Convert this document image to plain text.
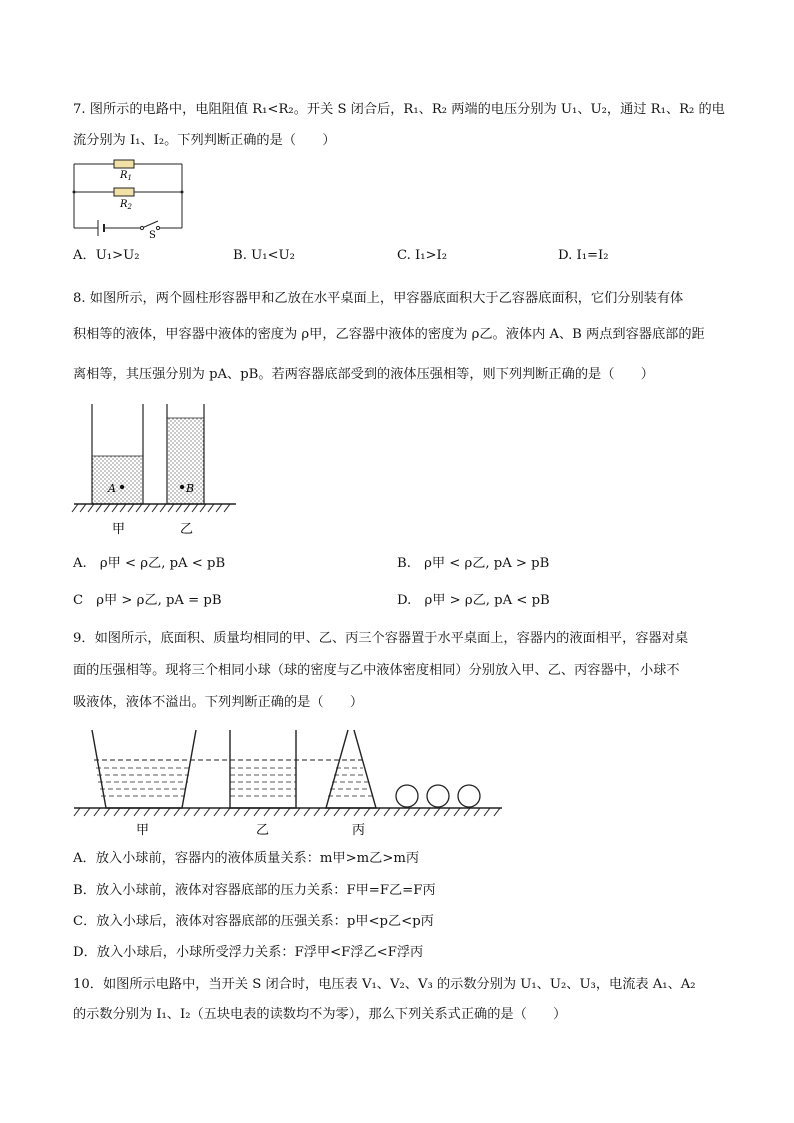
7. 图所示的电路中，电阻阻值 R₁<R₂。开关 S 闭合后，R₁、R₂ 两端的电压分别为 U₁、U₂，通过 R₁、R₂ 的电
流分别为 I₁、I₂。下列判断正确的是（　　）
$R_1$
$R_2$
S
A．U₁>U₂	B. U₁<U₂	C. I₁>I₂	D. I₁=I₂
8. 如图所示，两个圆柱形容器甲和乙放在水平桌面上，甲容器底面积大于乙容器底面积，它们分别装有体
积相等的液体，甲容器中液体的密度为 ρ甲，乙容器中液体的密度为 ρ乙。液体内 A、B 两点到容器底部的距
离相等，其压强分别为 pA、pB。若两容器底部受到的液体压强相等，则下列判断正确的是（　　）
A	B
甲	乙
A.　ρ甲 < ρ乙, pA < pB	B.　ρ甲 < ρ乙, pA > pB
C　ρ甲 > ρ乙, pA = pB	D.　ρ甲 > ρ乙, pA < pB
9．如图所示，底面积、质量均相同的甲、乙、丙三个容器置于水平桌面上，容器内的液面相平，容器对桌
面的压强相等。现将三个相同小球（球的密度与乙中液体密度相同）分别放入甲、乙、丙容器中，小球不
吸液体，液体不溢出。下列判断正确的是（　　）
甲	乙	丙
A．放入小球前，容器内的液体质量关系：m甲>m乙>m丙
B．放入小球前，液体对容器底部的压力关系：F甲=F乙=F丙
C．放入小球后，液体对容器底部的压强关系：p甲<p乙<p丙
D．放入小球后，小球所受浮力关系：F浮甲<F浮乙<F浮丙
10．如图所示电路中，当开关 S 闭合时，电压表 V₁、V₂、V₃ 的示数分别为 U₁、U₂、U₃，电流表 A₁、A₂
的示数分别为 I₁、I₂（五块电表的读数均不为零），那么下列关系式正确的是（　　）
